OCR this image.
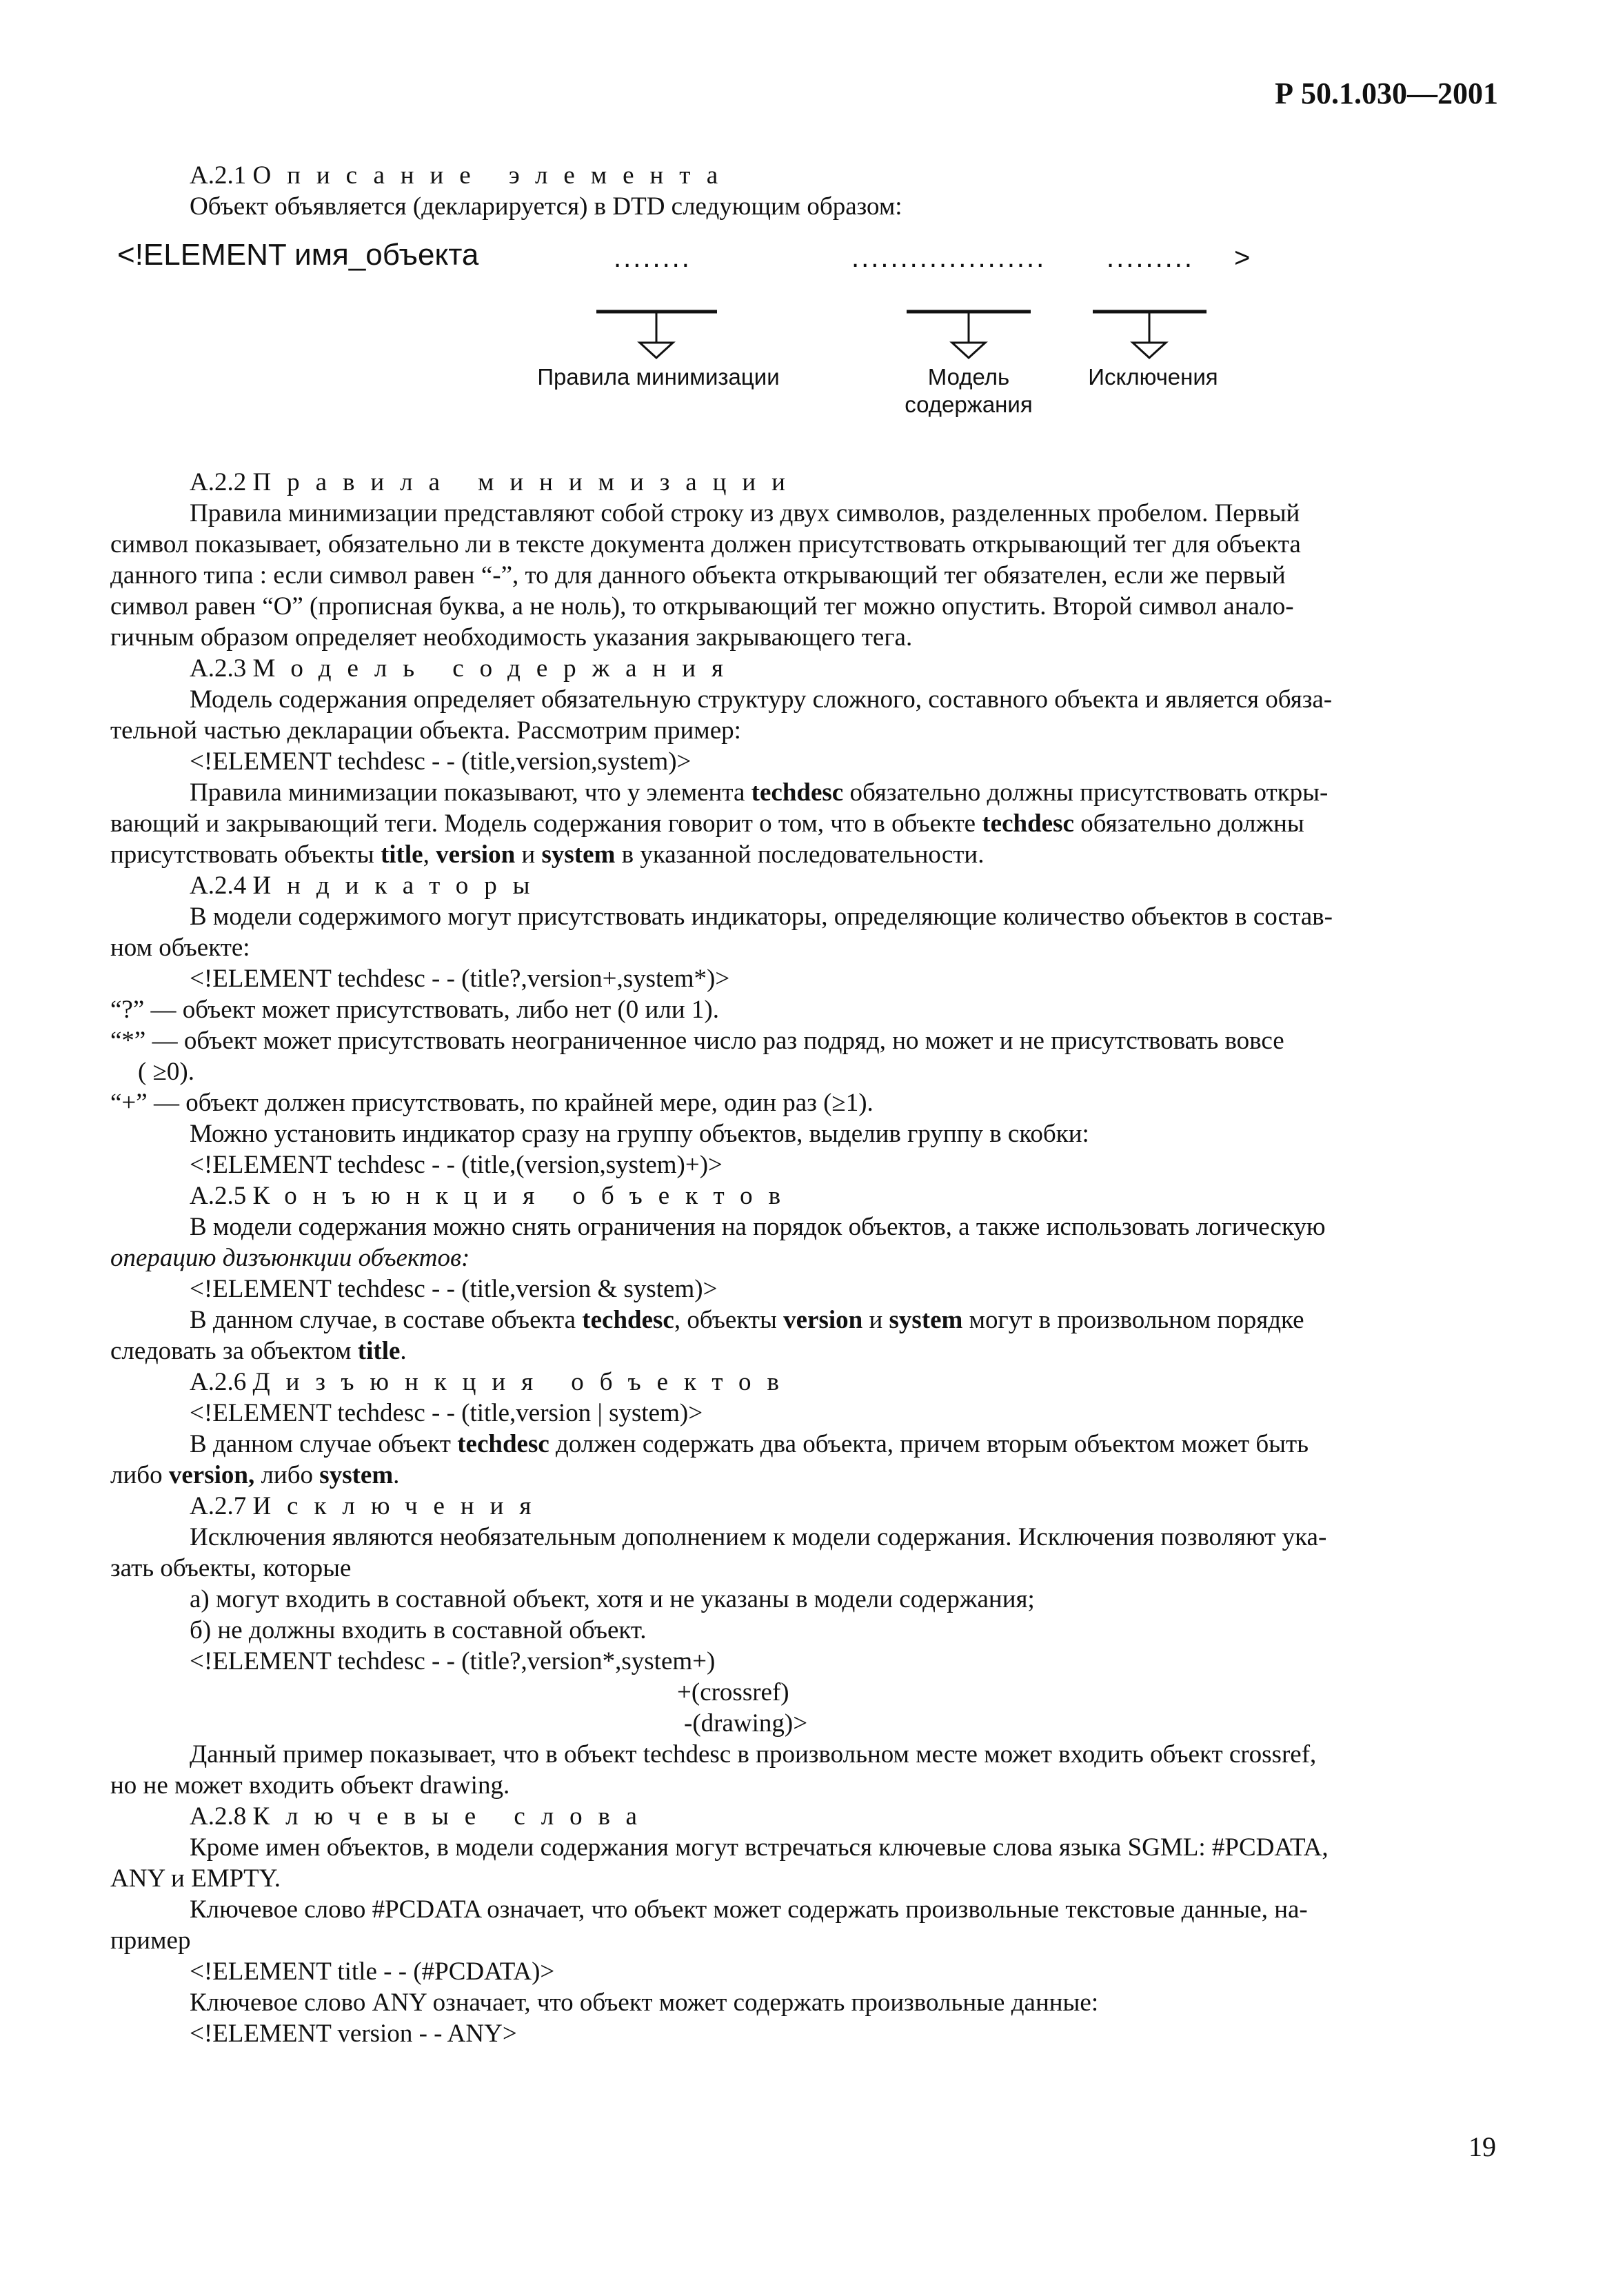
Р 50.1.030—2001

А.2.1 Описание элемента

Объект объявляется (декларируется) в DTD следующим образом:

<!ELEMENT имя_объекта	........	.................... ......... >
Правила минимизации	Модель
содержания
Исключения

А.2.2 Правила минимизации

Правила минимизации представляют собой строку из двух символов, разделенных пробелом. Первый

символ показывает, обязательно ли в тексте документа должен присутствовать открывающий тег для объекта

данного типа : если символ равен “-”, то для данного объекта открывающий тег обязателен, если же первый

символ равен “O” (прописная буква, а не ноль), то открывающий тег можно опустить. Второй символ анало-

гичным образом определяет необходимость указания закрывающего тега.

А.2.3 Модель содержания

Модель содержания определяет обязательную структуру сложного, составного объекта и является обяза-

тельной частью декларации объекта. Рассмотрим пример:

<!ELEMENT techdesc - - (title,version,system)>

Правила минимизации показывают, что у элемента techdesc обязательно должны присутствовать откры-

вающий и закрывающий теги. Модель содержания говорит о том, что в объекте techdesc обязательно должны

присутствовать объекты title, version и system в указанной последовательности.

А.2.4 Индикаторы

В модели содержимого могут присутствовать индикаторы, определяющие количество объектов в состав-

ном объекте:

<!ELEMENT techdesc - - (title?,version+,system*)>

“?” — объект может присутствовать, либо нет (0 или 1).

“*” — объект может присутствовать неограниченное число раз подряд, но может и не присутствовать вовсе

( ≥0).

“+” — объект должен присутствовать, по крайней мере, один раз (≥1).

Можно установить индикатор сразу на группу объектов, выделив группу в скобки:

<!ELEMENT techdesc - - (title,(version,system)+)>

А.2.5 Конъюнкция объектов

В модели содержания можно снять ограничения на порядок объектов, а также использовать логическую

операцию дизъюнкции объектов:

<!ELEMENT techdesc - - (title,version & system)>

В данном случае, в составе объекта techdesc, объекты version и system могут в произвольном порядке

следовать за объектом title.

А.2.6 Дизъюнкция объектов

<!ELEMENT techdesc - - (title,version | system)>

В данном случае объект techdesc должен содержать два объекта, причем вторым объектом может быть

либо version, либо system.

А.2.7 Исключения

Исключения являются необязательным дополнением к модели содержания. Исключения позволяют ука-

зать объекты, которые

а) могут входить в составной объект, хотя и не указаны в модели содержания;

б) не должны входить в составной объект.

<!ELEMENT techdesc - - (title?,version*,system+)

+(crossref)

-(drawing)>

Данный пример показывает, что в объект techdesc в произвольном месте может входить объект crossref,

но не может входить объект drawing.

А.2.8 Ключевые слова

Кроме имен объектов, в модели содержания могут встречаться ключевые слова языка SGML: #PCDATA,

ANY и EMPTY.

Ключевое слово #PCDATA означает, что объект может содержать произвольные текстовые данные, на-

пример

<!ELEMENT title - - (#PCDATA)>

Ключевое слово ANY означает, что объект может содержать произвольные данные:

<!ELEMENT version - - ANY>

19
